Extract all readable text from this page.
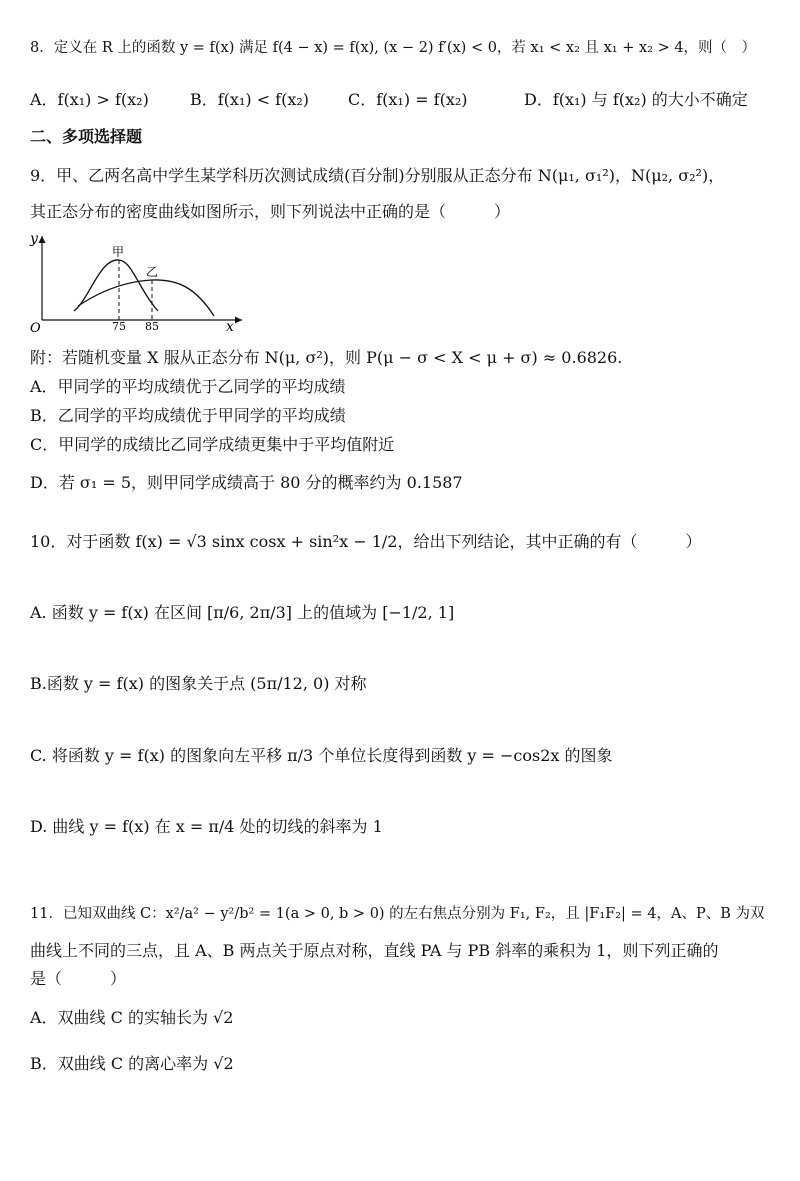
8．定义在 R 上的函数 y = f(x) 满足 f(4 − x) = f(x), (x − 2) f′(x) < 0，若 x₁ < x₂ 且 x₁ + x₂ > 4，则（　）
A．f(x₁) > f(x₂)	B．f(x₁) < f(x₂) C．f(x₁) = f(x₂)	D．f(x₁) 与 f(x₂) 的大小不确定
二、多项选择题
9．甲、乙两名高中学生某学科历次测试成绩(百分制)分别服从正态分布 N(μ₁, σ₁²)，N(μ₂, σ₂²)，
其正态分布的密度曲线如图所示，则下列说法中正确的是（　　　）
y
x
O
甲
乙
75 85
附：若随机变量 X 服从正态分布 N(μ, σ²)，则 P(μ − σ < X < μ + σ) ≈ 0.6826.
A．甲同学的平均成绩优于乙同学的平均成绩
B．乙同学的平均成绩优于甲同学的平均成绩
C．甲同学的成绩比乙同学成绩更集中于平均值附近
D．若 σ₁ = 5，则甲同学成绩高于 80 分的概率约为 0.1587
10．对于函数 f(x) = √3 sinx cosx + sin²x − 1/2，给出下列结论，其中正确的有（　　　）
A. 函数 y = f(x) 在区间 [π/6, 2π/3] 上的值域为 [−1/2, 1]
B.函数 y = f(x) 的图象关于点 (5π/12, 0) 对称
C. 将函数 y = f(x) 的图象向左平移 π/3 个单位长度得到函数 y = −cos2x 的图象
D. 曲线 y = f(x) 在 x = π/4 处的切线的斜率为 1
11．已知双曲线 C：x²/a² − y²/b² = 1(a > 0, b > 0) 的左右焦点分别为 F₁, F₂，且 |F₁F₂| = 4，A、P、B 为双
曲线上不同的三点，且 A、B 两点关于原点对称，直线 PA 与 PB 斜率的乘积为 1，则下列正确的
是（　　　）
A．双曲线 C 的实轴长为 √2
B．双曲线 C 的离心率为 √2
